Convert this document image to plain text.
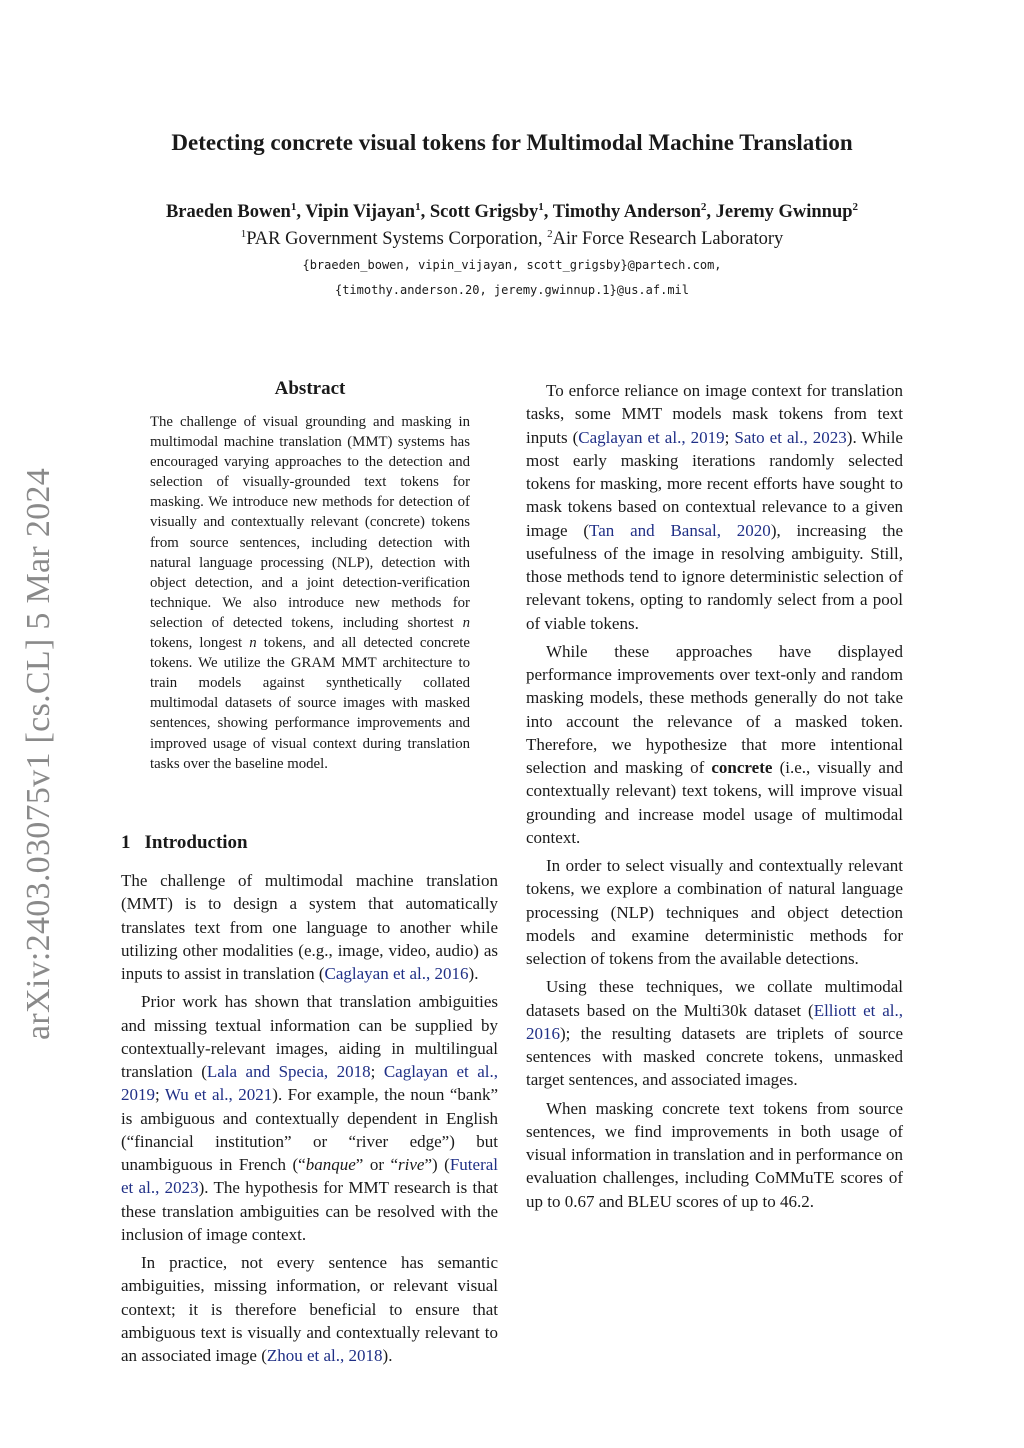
arXiv:2403.03075v1 [cs.CL] 5 Mar 2024
Detecting concrete visual tokens for Multimodal Machine Translation
Braeden Bowen$^1$, Vipin Vijayan$^1$, Scott Grigsby$^1$, Timothy Anderson$^2$, Jeremy Gwinnup$^2$
$^1$PAR Government Systems Corporation, $^2$Air Force Research Laboratory
{braeden_bowen, vipin_vijayan, scott_grigsby}@partech.com,
{timothy.anderson.20, jeremy.gwinnup.1}@us.af.mil
Abstract

The challenge of visual grounding and masking in multimodal machine translation (MMT) systems has encouraged varying approaches to the detection and selection of visually-grounded text tokens for masking. We introduce new methods for detection of visually and contextually relevant (concrete) tokens from source sentences, including detection with natural language processing (NLP), detection with object detection, and a joint detection-verification technique. We also introduce new methods for selection of detected tokens, including shortest n tokens, longest n tokens, and all detected concrete tokens. We utilize the GRAM MMT architecture to train models against synthetically collated multimodal datasets of source images with masked sentences, showing performance improvements and improved usage of visual context during translation tasks over the baseline model.

1 Introduction

The challenge of multimodal machine translation (MMT) is to design a system that automatically translates text from one language to another while utilizing other modalities (e.g., image, video, audio) as inputs to assist in translation (Caglayan et al., 2016).

Prior work has shown that translation ambiguities and missing textual information can be supplied by contextually-relevant images, aiding in multilingual translation (Lala and Specia, 2018; Caglayan et al., 2019; Wu et al., 2021). For example, the noun “bank” is ambiguous and contextually dependent in English (“financial institution” or “river edge”) but unambiguous in French (“banque” or “rive”) (Futeral et al., 2023). The hypothesis for MMT research is that these translation ambiguities can be resolved with the inclusion of image context.

In practice, not every sentence has semantic ambiguities, missing information, or relevant visual context; it is therefore beneficial to ensure that ambiguous text is visually and contextually relevant to an associated image (Zhou et al., 2018).

To enforce reliance on image context for translation tasks, some MMT models mask tokens from text inputs (Caglayan et al., 2019; Sato et al., 2023). While most early masking iterations randomly selected tokens for masking, more recent efforts have sought to mask tokens based on contextual relevance to a given image (Tan and Bansal, 2020), increasing the usefulness of the image in resolving ambiguity. Still, those methods tend to ignore deterministic selection of relevant tokens, opting to randomly select from a pool of viable tokens.

While these approaches have displayed performance improvements over text-only and random masking models, these methods generally do not take into account the relevance of a masked token. Therefore, we hypothesize that more intentional selection and masking of concrete (i.e., visually and contextually relevant) text tokens, will improve visual grounding and increase model usage of multimodal context.

In order to select visually and contextually relevant tokens, we explore a combination of natural language processing (NLP) techniques and object detection models and examine deterministic methods for selection of tokens from the available detections.

Using these techniques, we collate multimodal datasets based on the Multi30k dataset (Elliott et al., 2016); the resulting datasets are triplets of source sentences with masked concrete tokens, unmasked target sentences, and associated images.

When masking concrete text tokens from source sentences, we find improvements in both usage of visual information in translation and in performance on evaluation challenges, including CoMMuTE scores of up to 0.67 and BLEU scores of up to 46.2.
